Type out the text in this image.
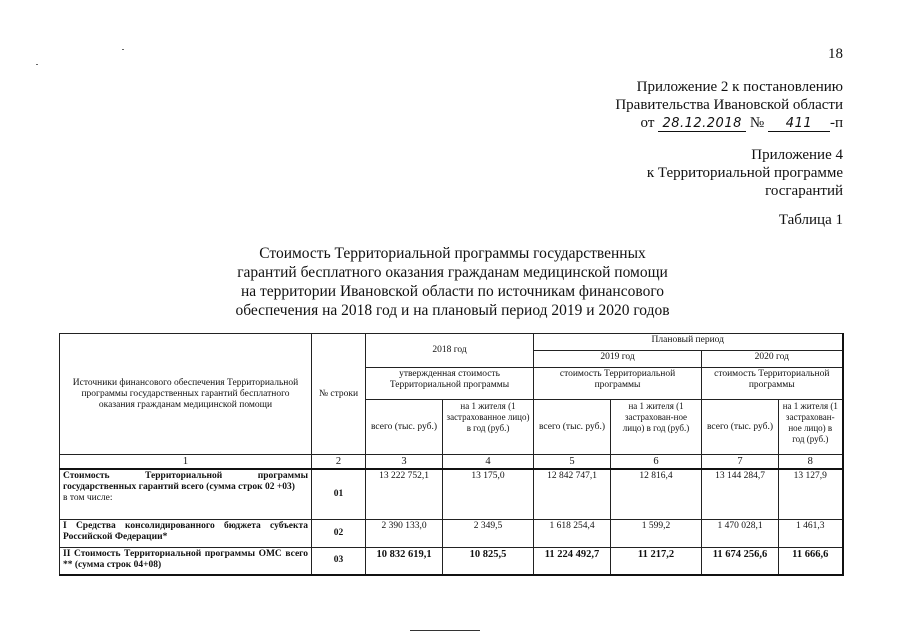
18
Приложение 2 к постановлению
Правительства Ивановской области
от 28.12.2018 № 411 -п
Приложение 4
к Территориальной программе
госгарантий
Таблица 1
Стоимость Территориальной программы государственных
гарантий бесплатного оказания гражданам медицинской помощи
на территории Ивановской области по источникам финансового
обеспечения на 2018 год и на плановый период 2019 и 2020 годов
Источники финансового обеспечения Территориальной программы государственных гарантий бесплатного оказания гражданам медицинской помощи	№ строки	2018 год		Плановый период			
				2019 год		2020 год	
		утвержденная стоимость Территориальной программы		стоимость Территориальной программы		стоимость Территориальной программы	
		всего (тыс. руб.)	на 1 жителя (1 застрахованное лицо) в год (руб.)	всего (тыс. руб.)	на 1 жителя (1 застрахован-ное лицо) в год (руб.)	всего (тыс. руб.)	на 1 жителя (1 застрахован-ное лицо) в год (руб.)
1	2	3	4	5	6	7	8

Стоимость Территориальной программы государственных гарантий всего (сумма строк 02 +03)
в том числе:	01	13 222 752,1	13 175,0	12 842 747,1	12 816,4	13 144 284,7	13 127,9
I Средства консолидированного бюджета субъекта Российской Федерации*	02	2 390 133,0	2 349,5	1 618 254,4	1 599,2	1 470 028,1	1 461,3
II Стоимость Территориальной программы ОМС всего ** (сумма строк 04+08)	03	10 832 619,1	10 825,5	11 224 492,7	11 217,2	11 674 256,6	11 666,6
